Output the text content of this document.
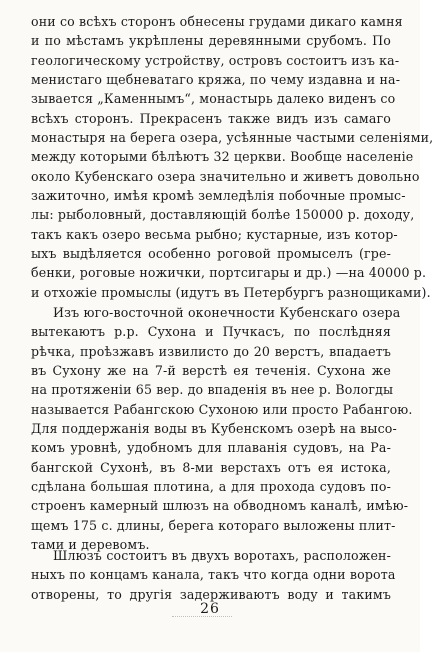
они со всѣхъ сторонъ обнесены грудами дикаго камня
и по мѣстамъ укрѣплены деревянными срубомъ. По
геологическому устройству, островъ состоитъ изъ ка-
менистаго щебневатаго кряжа, по чему издавна и на-
зывается „Каменнымъ“, монастырь далеко виденъ со
всѣхъ сторонъ. Прекрасенъ также видъ изъ самаго
монастыря на берега озера, усѣянные частыми селеніями,
между которыми бѣлѣютъ 32 церкви. Вообще населеніе
около Кубенскаго озера значительно и живетъ довольно
зажиточно, имѣя кромѣ земледѣлія побочные промыс-
лы: рыболовный, доставляющій болѣе 150000 р. доходу,
такъ какъ озеро весьма рыбно; кустарные, изъ котор-
ыхъ выдѣляется особенно роговой промыселъ (гре-
бенки, роговые ножички, портсигары и др.) —на 40000 р.
и отхожіе промыслы (идутъ въ Петербургъ разнощиками).
Изъ юго-восточной оконечности Кубенскаго озера
вытекаютъ р.р. Сухона и Пучкасъ, по послѣдняя
рѣчка, проѣзжавъ извилисто до 20 верстъ, впадаетъ
въ Сухону же на 7-й верстѣ ея теченія. Сухона же
на протяженіи 65 вер. до впаденія въ нее р. Вологды
называется Рабангскою Сухоною или просто Рабангою.
Для поддержанія воды въ Кубенскомъ озерѣ на высо-
комъ уровнѣ, удобномъ для плаванія судовъ, на Ра-
бангской Сухонѣ, въ 8-ми верстахъ отъ ея истока,
сдѣлана большая плотина, а для прохода судовъ по-
строенъ камерный шлюзъ на обводномъ каналѣ, имѣю-
щемъ 175 с. длины, берега котораго выложены плит-
тами и деревомъ.
Шлюзъ состоитъ въ двухъ воротахъ, расположен-
ныхъ по концамъ канала, такъ что когда одни ворота
отворены, то другія задерживаютъ воду и такимъ
26
